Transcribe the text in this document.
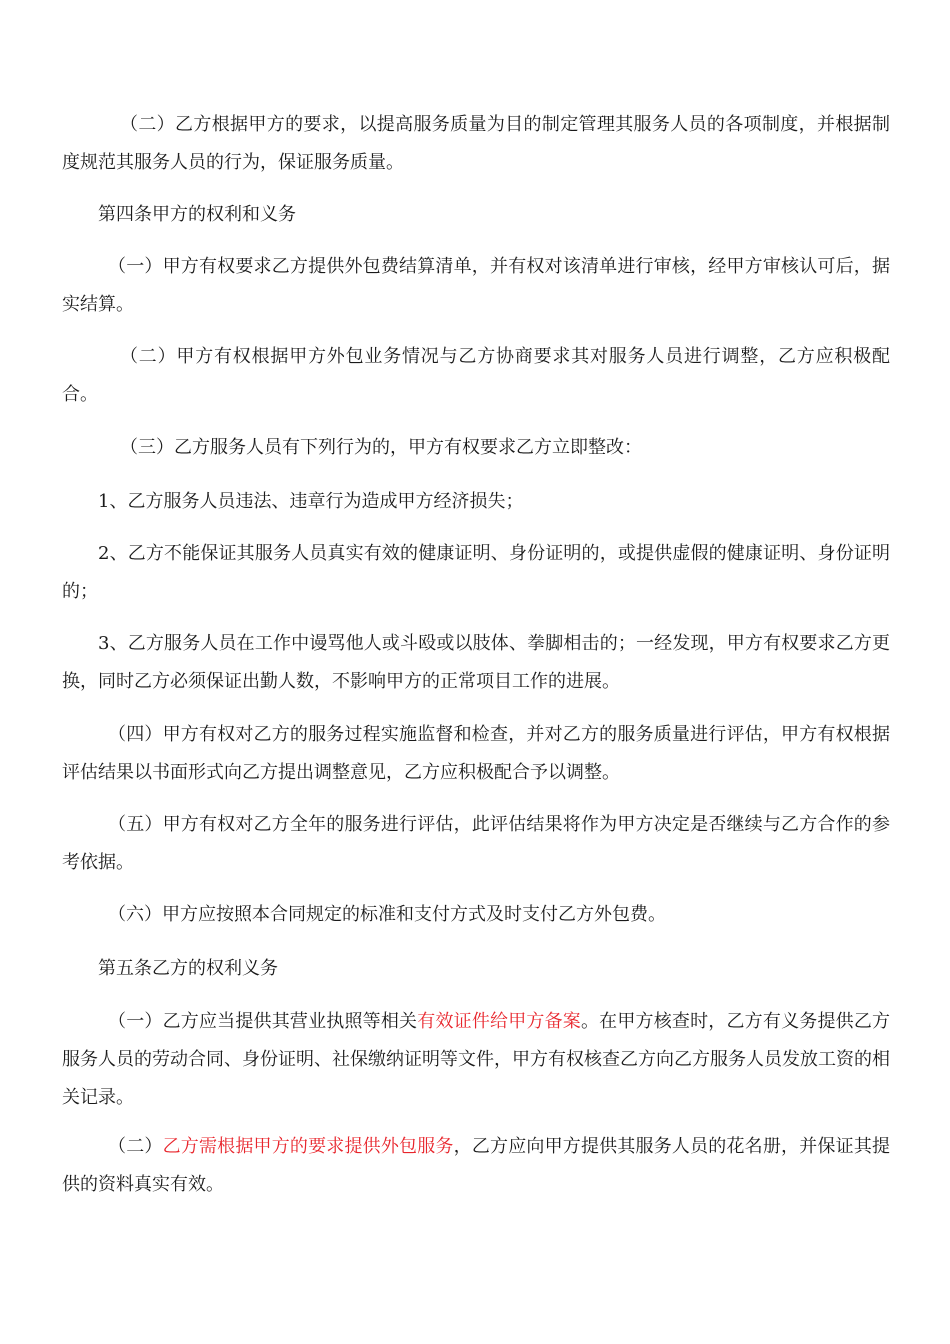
（二）乙方根据甲方的要求，以提高服务质量为目的制定管理其服务人员的各项制度，并根据制度规范其服务人员的行为，保证服务质量。

第四条甲方的权利和义务

（一）甲方有权要求乙方提供外包费结算清单，并有权对该清单进行审核，经甲方审核认可后，据实结算。

（二）甲方有权根据甲方外包业务情况与乙方协商要求其对服务人员进行调整，乙方应积极配合。

（三）乙方服务人员有下列行为的，甲方有权要求乙方立即整改：

1、乙方服务人员违法、违章行为造成甲方经济损失；

2、乙方不能保证其服务人员真实有效的健康证明、身份证明的，或提供虚假的健康证明、身份证明的；

3、乙方服务人员在工作中谩骂他人或斗殴或以肢体、拳脚相击的；一经发现，甲方有权要求乙方更换，同时乙方必须保证出勤人数，不影响甲方的正常项目工作的进展。

（四）甲方有权对乙方的服务过程实施监督和检查，并对乙方的服务质量进行评估，甲方有权根据评估结果以书面形式向乙方提出调整意见，乙方应积极配合予以调整。

（五）甲方有权对乙方全年的服务进行评估，此评估结果将作为甲方决定是否继续与乙方合作的参考依据。

（六）甲方应按照本合同规定的标准和支付方式及时支付乙方外包费。

第五条乙方的权利义务

（一）乙方应当提供其营业执照等相关有效证件给甲方备案。在甲方核查时，乙方有义务提供乙方服务人员的劳动合同、身份证明、社保缴纳证明等文件，甲方有权核查乙方向乙方服务人员发放工资的相关记录。

（二）乙方需根据甲方的要求提供外包服务，乙方应向甲方提供其服务人员的花名册，并保证其提供的资料真实有效。
